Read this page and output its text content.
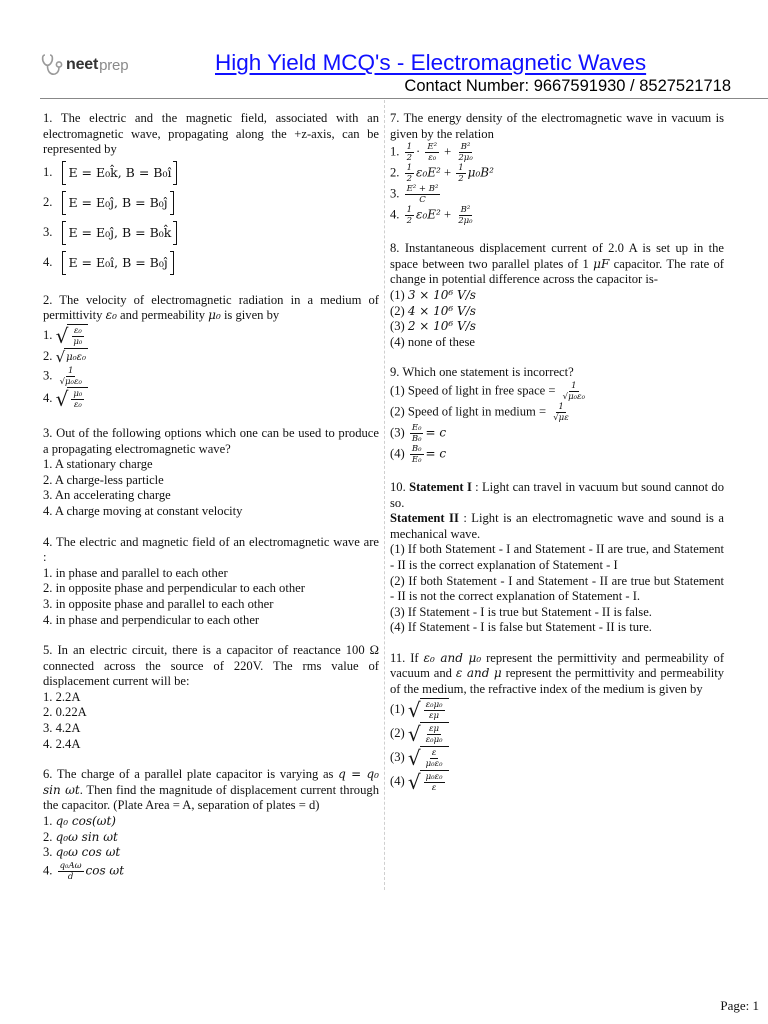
neet prep	High Yield MCQ's - Electromagnetic Waves
Contact Number: 9667591930 / 8527521718
1. The electric and the magnetic field, associated with an electromagnetic wave, propagating along the +z-axis, can be represented by
1.	E = E₀k̂, B = B₀î
2.	E = E₀ĵ, B = B₀ĵ
3.	E = E₀ĵ, B = B₀k̂
4.	E = E₀î, B = B₀ĵ
2. The velocity of electromagnetic radiation in a medium of permittivity ε₀ and permeability μ₀ is given by
1. √ $\frac{\text{ε₀}}{\text{μ₀}}$
2. √ μ₀ε₀
3. $\frac{1}{\text{√μ₀ε₀}}$
4. √ $\frac{\text{μ₀}}{\text{ε₀}}$
3. Out of the following options which one can be used to produce a propagating electromagnetic wave?
1. A stationary charge
2. A charge-less particle
3. An accelerating charge
4. A charge moving at constant velocity
4. The electric and magnetic field of an electromagnetic wave are :
1. in phase and parallel to each other
2. in opposite phase and perpendicular to each other
3. in opposite phase and parallel to each other
4. in phase and perpendicular to each other
5. In an electric circuit, there is a capacitor of reactance 100 Ω connected across the source of 220V. The rms value of displacement current will be:
1. 2.2A
2. 0.22A
3. 4.2A
4. 2.4A
6. The charge of a parallel plate capacitor is varying as q = q₀ sin ωt. Then find the magnitude of displacement current through the capacitor. (Plate Area = A, separation of plates = d)
1. q₀ cos(ωt)
2. q₀ω sin ωt
3. q₀ω cos ωt
4. $\frac{\text{q₀Aω}}{d}$ cos ωt
7. The energy density of the electromagnetic wave in vacuum is given by the relation
1. $\frac{1}{2} \cdot \frac{\text{E²}}{\text{ε₀}} + \frac{\text{B²}}{\text{2μ₀}}$
2. $\frac{1}{2} \varepsilon_0E^2 + \frac{1}{2} \mu_0B^2$
3. $\frac{\text{E² + B²}}{C}$
4. $\frac{1}{2} \varepsilon_0E^2 + \frac{\text{B²}}{\text{2μ₀}}$
8. Instantaneous displacement current of 2.0 A is set up in the space between two parallel plates of 1 μF capacitor. The rate of change in potential difference across the capacitor is-
(1) 3 × 10⁶ V/s
(2) 4 × 10⁶ V/s
(3) 2 × 10⁶ V/s
(4) none of these
9. Which one statement is incorrect?
(1) Speed of light in free space = $\frac{1}{\text{√μ₀ε₀}}$
(2) Speed of light in medium = $\frac{1}{√\mu\varepsilon}$
$(3) \frac{\text{E₀}}{\text{B₀}} = c$
$(4) \frac{\text{B₀}}{\text{E₀}} = c$
10. Statement I : Light can travel in vacuum but sound cannot do so.
Statement II : Light is an electromagnetic wave and sound is a mechanical wave.
(1) If both Statement - I and Statement - II are true, and Statement - II is the correct explanation of Statement - I
(2) If both Statement - I and Statement - II are true but Statement - II is not the correct explanation of Statement - I.
(3) If Statement - I is true but Statement - II is false.
(4) If Statement - I is false but Statement - II is ture.
11. If ε₀ and μ₀ represent the permittivity and permeability of vacuum and ε and μ represent the permittivity and permeability of the medium, the refractive index of the medium is given by
(1) √ $\frac{\text{ε₀μ₀}}{\varepsilon\mu}$
(2) √ $\frac{\varepsilon\mu}{\text{ε₀μ₀}}$
(3) √ $\frac{\varepsilon}{\text{μ₀ε₀}}$
(4) √ $\frac{\text{μ₀ε₀}}{\varepsilon}$
Page: 1
